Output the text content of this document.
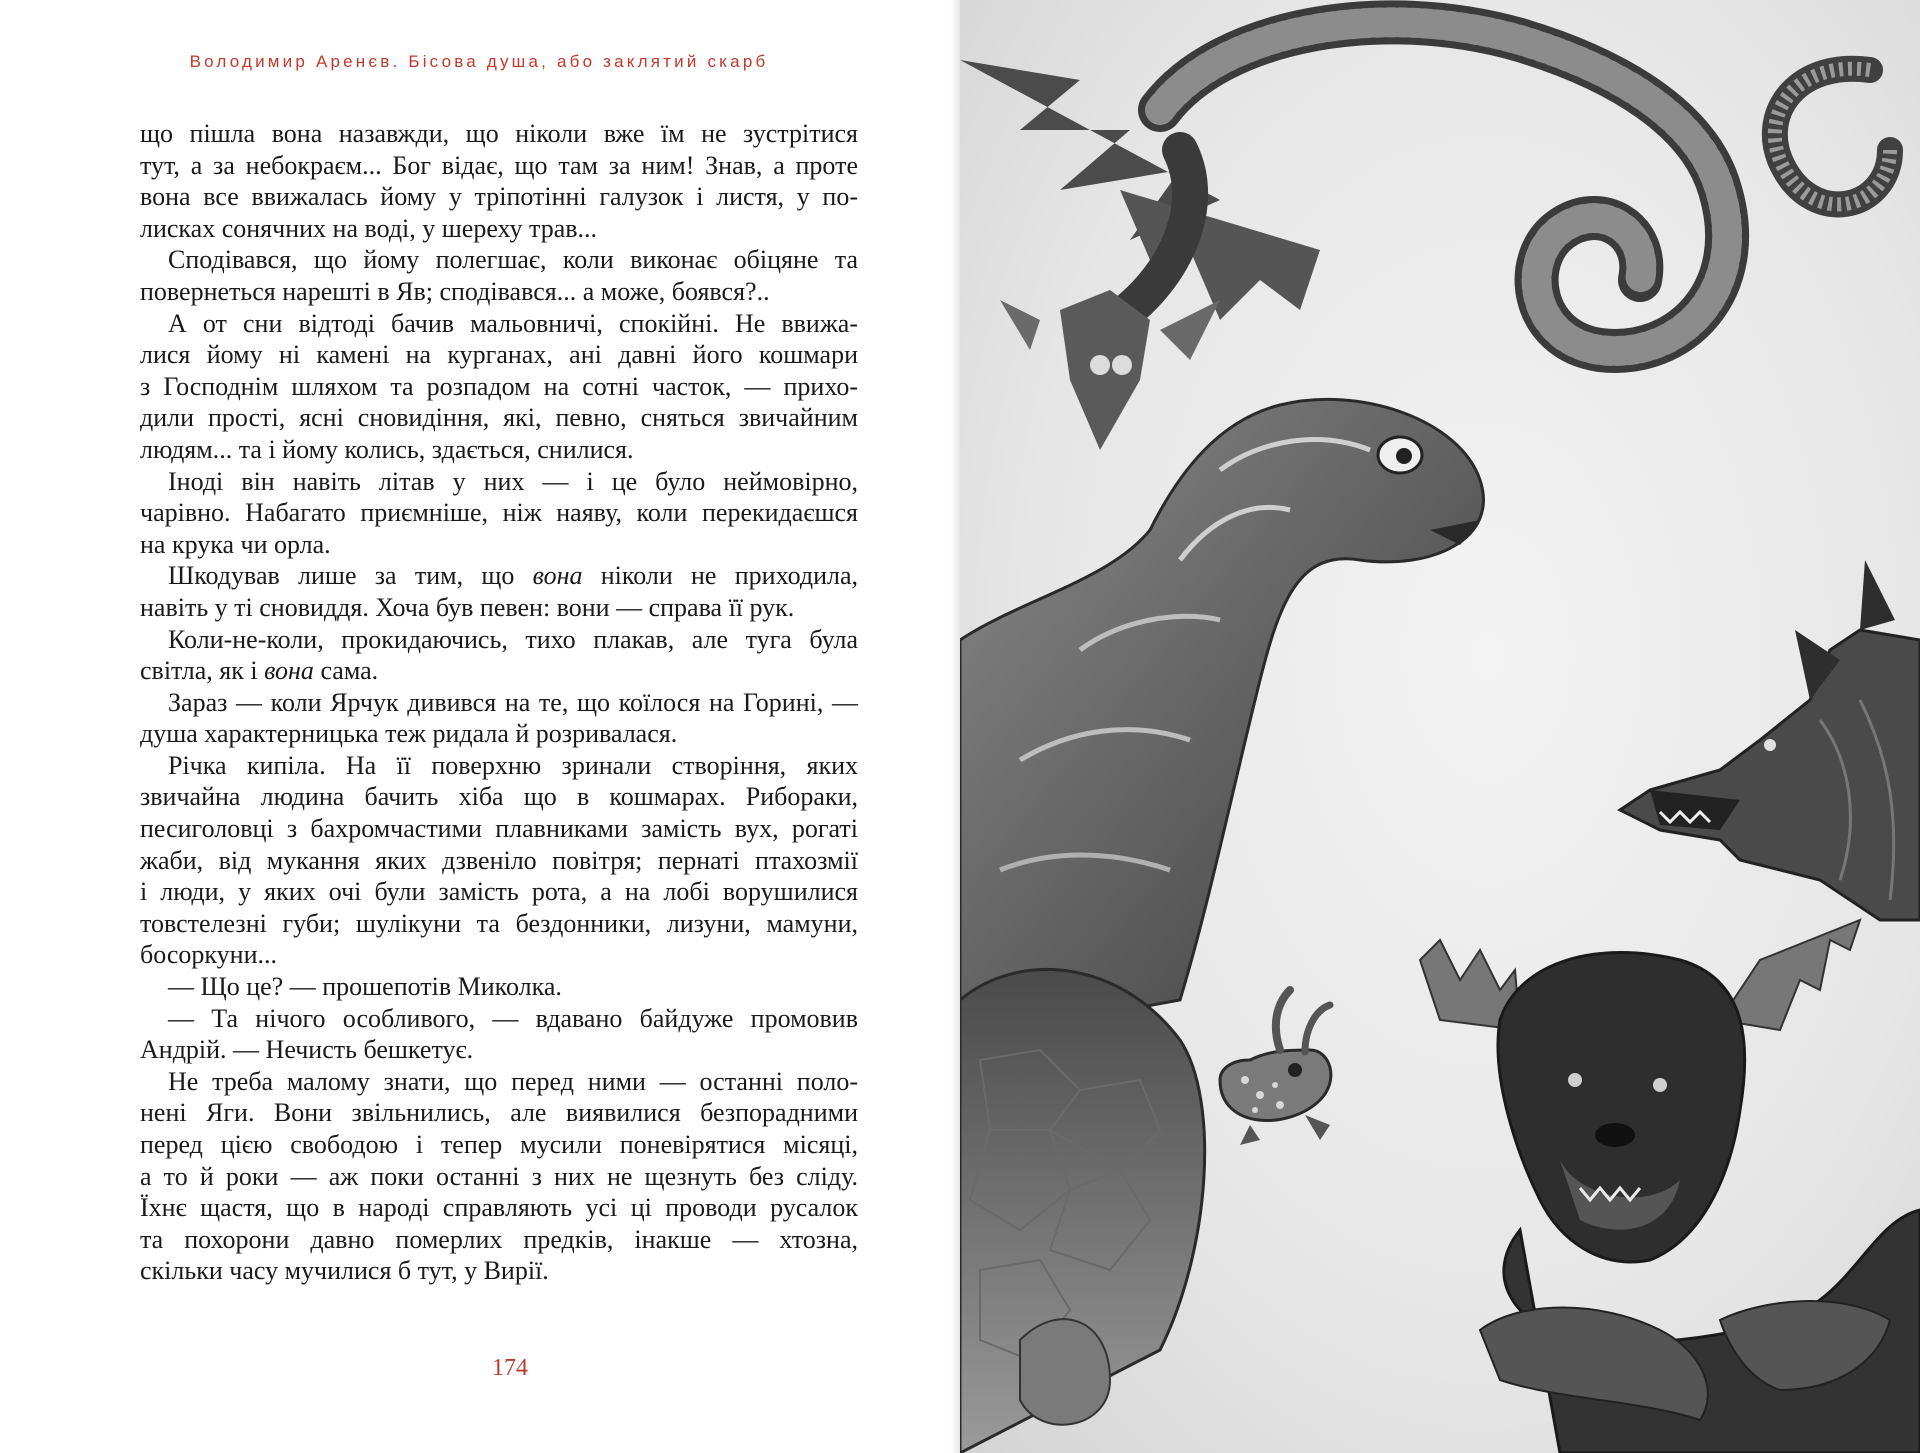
Володимир Аренєв. Бісова душа, або заклятий скарб
що пішла вона назавжди, що ніколи вже їм не зустрітися
тут, а за небокраєм... Бог відає, що там за ним! Знав, а проте
вона все ввижалась йому у тріпотінні галузок і листя, у по-
лисках сонячних на воді, у шереху трав...
Сподівався, що йому полегшає, коли виконає обіцяне та
повернеться нарешті в Яв; сподівався... а може, боявся?..
А от сни відтоді бачив мальовничі, спокійні. Не ввижа-
лися йому ні камені на курганах, ані давні його кошмари
з Господнім шляхом та розпадом на сотні часток, — прихо-
дили прості, ясні сновидіння, які, певно, сняться звичайним
людям... та і йому колись, здається, снилися.
Іноді він навіть літав у них — і це було неймовірно,
чарівно. Набагато приємніше, ніж наяву, коли перекидаєшся
на крука чи орла.
Шкодував лише за тим, що вона ніколи не приходила,
навіть у ті сновиддя. Хоча був певен: вони — справа її рук.
Коли-не-коли, прокидаючись, тихо плакав, але туга була
світла, як і вона сама.
Зараз — коли Ярчук дивився на те, що коїлося на Горині, —
душа характерницька теж ридала й розривалася.
Річка кипіла. На її поверхню зринали створіння, яких
звичайна людина бачить хіба що в кошмарах. Рибораки,
песиголовці з бахромчастими плавниками замість вух, рогаті
жаби, від мукання яких дзвеніло повітря; пернаті птахозмії
і люди, у яких очі були замість рота, а на лобі ворушилися
товстелезні губи; шулікуни та бездонники, лизуни, мамуни,
босоркуни...
— Що це? — прошепотів Миколка.
— Та нічого особливого, — вдавано байдуже промовив
Андрій. — Нечисть бешкетує.
Не треба малому знати, що перед ними — останні поло-
нені Яги. Вони звільнились, але виявилися безпорадними
перед цією свободою і тепер мусили поневірятися місяці,
а то й роки — аж поки останні з них не щезнуть без сліду.
Їхнє щастя, що в народі справляють усі ці проводи русалок
та похорони давно померлих предків, інакше — хтозна,
скільки часу мучилися б тут, у Вирії.
174
